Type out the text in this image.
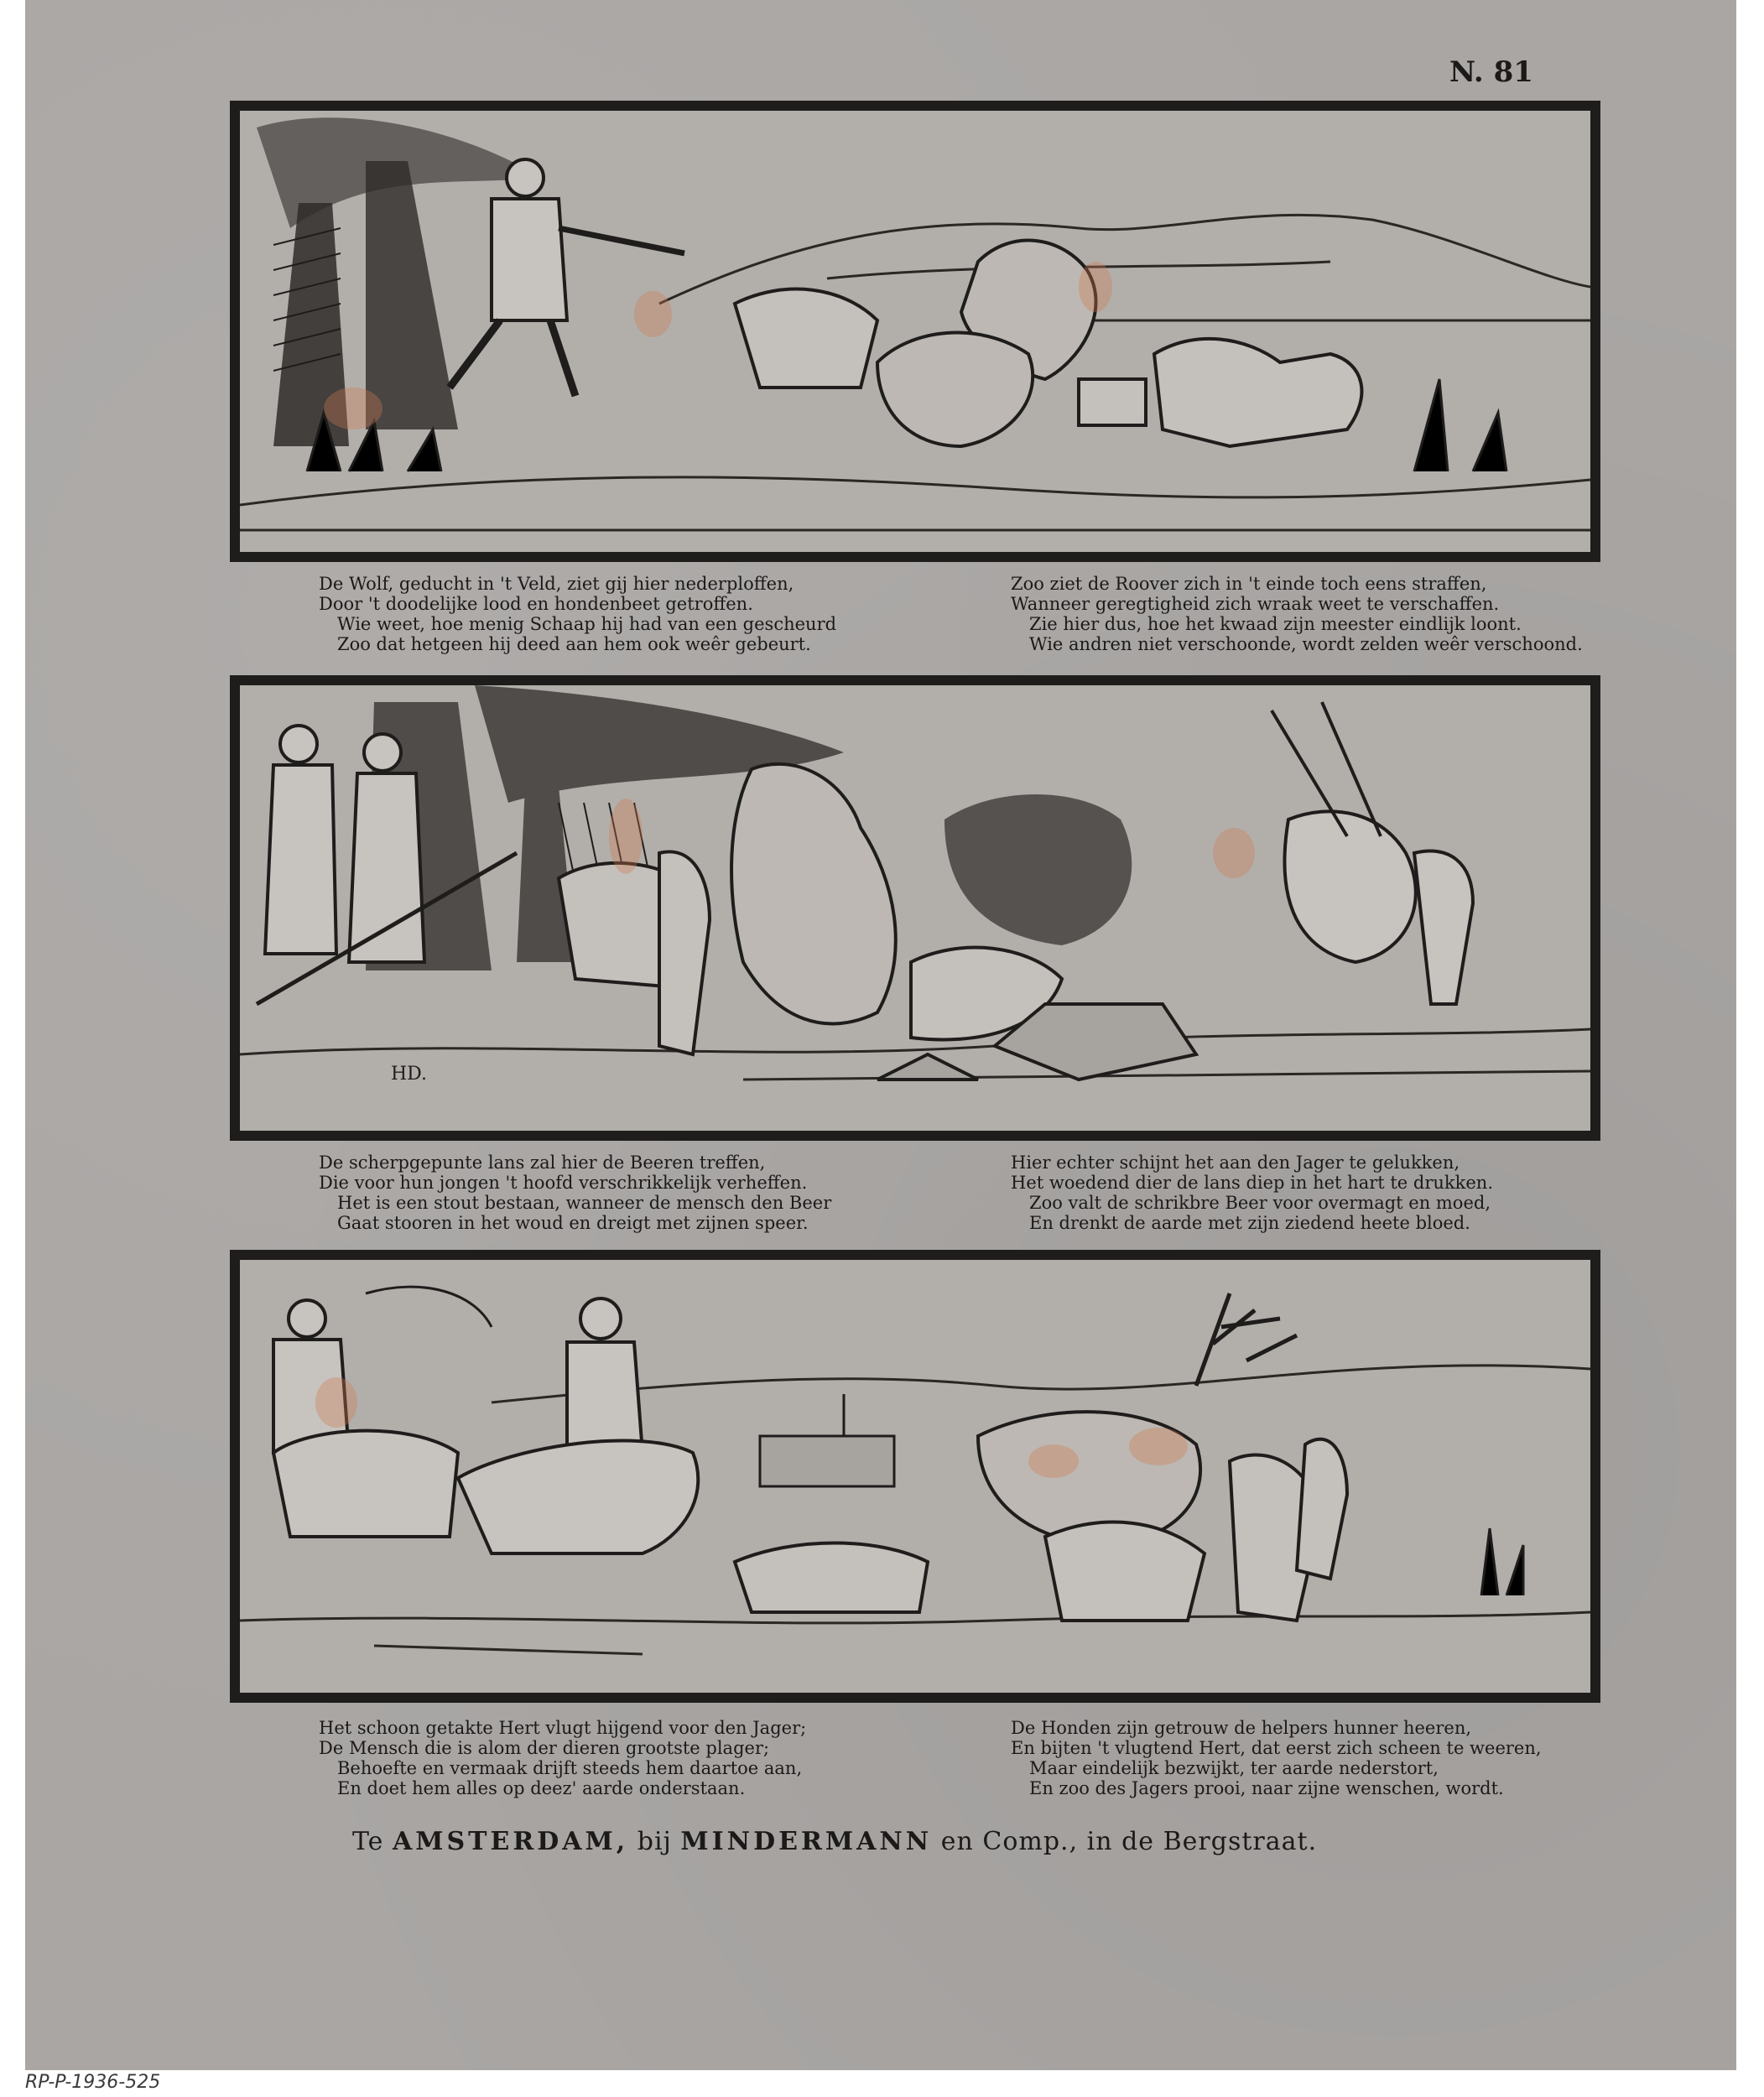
N. 81
De Wolf, geducht in 't Veld, ziet gij hier nederploffen,
Door 't doodelijke lood en hondenbeet getroffen.
Wie weet, hoe menig Schaap hij had van een gescheurd
Zoo dat hetgeen hij deed aan hem ook weêr gebeurt.
Zoo ziet de Roover zich in 't einde toch eens straffen,
Wanneer geregtigheid zich wraak weet te verschaffen.
Zie hier dus, hoe het kwaad zijn meester eindlijk loont.
Wie andren niet verschoonde, wordt zelden weêr verschoond.
HD.
De scherpgepunte lans zal hier de Beeren treffen,
Die voor hun jongen 't hoofd verschrikkelijk verheffen.
Het is een stout bestaan, wanneer de mensch den Beer
Gaat stooren in het woud en dreigt met zijnen speer.
Hier echter schijnt het aan den Jager te gelukken,
Het woedend dier de lans diep in het hart te drukken.
Zoo valt de schrikbre Beer voor overmagt en moed,
En drenkt de aarde met zijn ziedend heete bloed.
Het schoon getakte Hert vlugt hijgend voor den Jager;
De Mensch die is alom der dieren grootste plager;
Behoefte en vermaak drijft steeds hem daartoe aan,
En doet hem alles op deez' aarde onderstaan.
De Honden zijn getrouw de helpers hunner heeren,
En bijten 't vlugtend Hert, dat eerst zich scheen te weeren,
Maar eindelijk bezwijkt, ter aarde nederstort,
En zoo des Jagers prooi, naar zijne wenschen, wordt.
Te AMSTERDAM, bij MINDERMANN en Comp., in de Bergstraat.
RP-P-1936-525
